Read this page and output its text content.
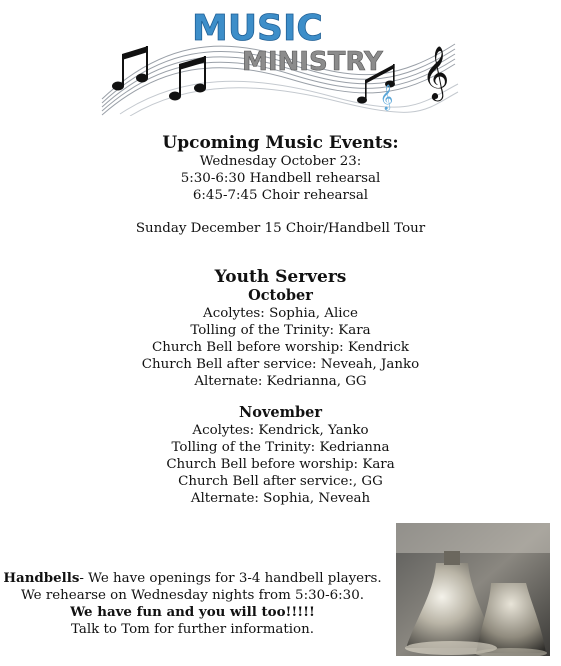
𝄞
𝄞
MUSIC
MINISTRY
Upcoming Music Events:
Wednesday October 23:
5:30-6:30 Handbell rehearsal
6:45-7:45 Choir rehearsal
Sunday December 15 Choir/Handbell Tour
Youth Servers
October
Acolytes: Sophia, Alice
Tolling of the Trinity: Kara
Church Bell before worship: Kendrick
Church Bell after service: Neveah, Janko
Alternate: Kedrianna, GG
November
Acolytes: Kendrick, Yanko
Tolling of the Trinity: Kedrianna
Church Bell before worship: Kara
Church Bell after service:, GG
Alternate: Sophia, Neveah
Handbells- We have openings for 3-4 handbell players.
We rehearse on Wednesday nights from 5:30-6:30.
We have fun and you will too!!!!!
Talk to Tom for further information.
